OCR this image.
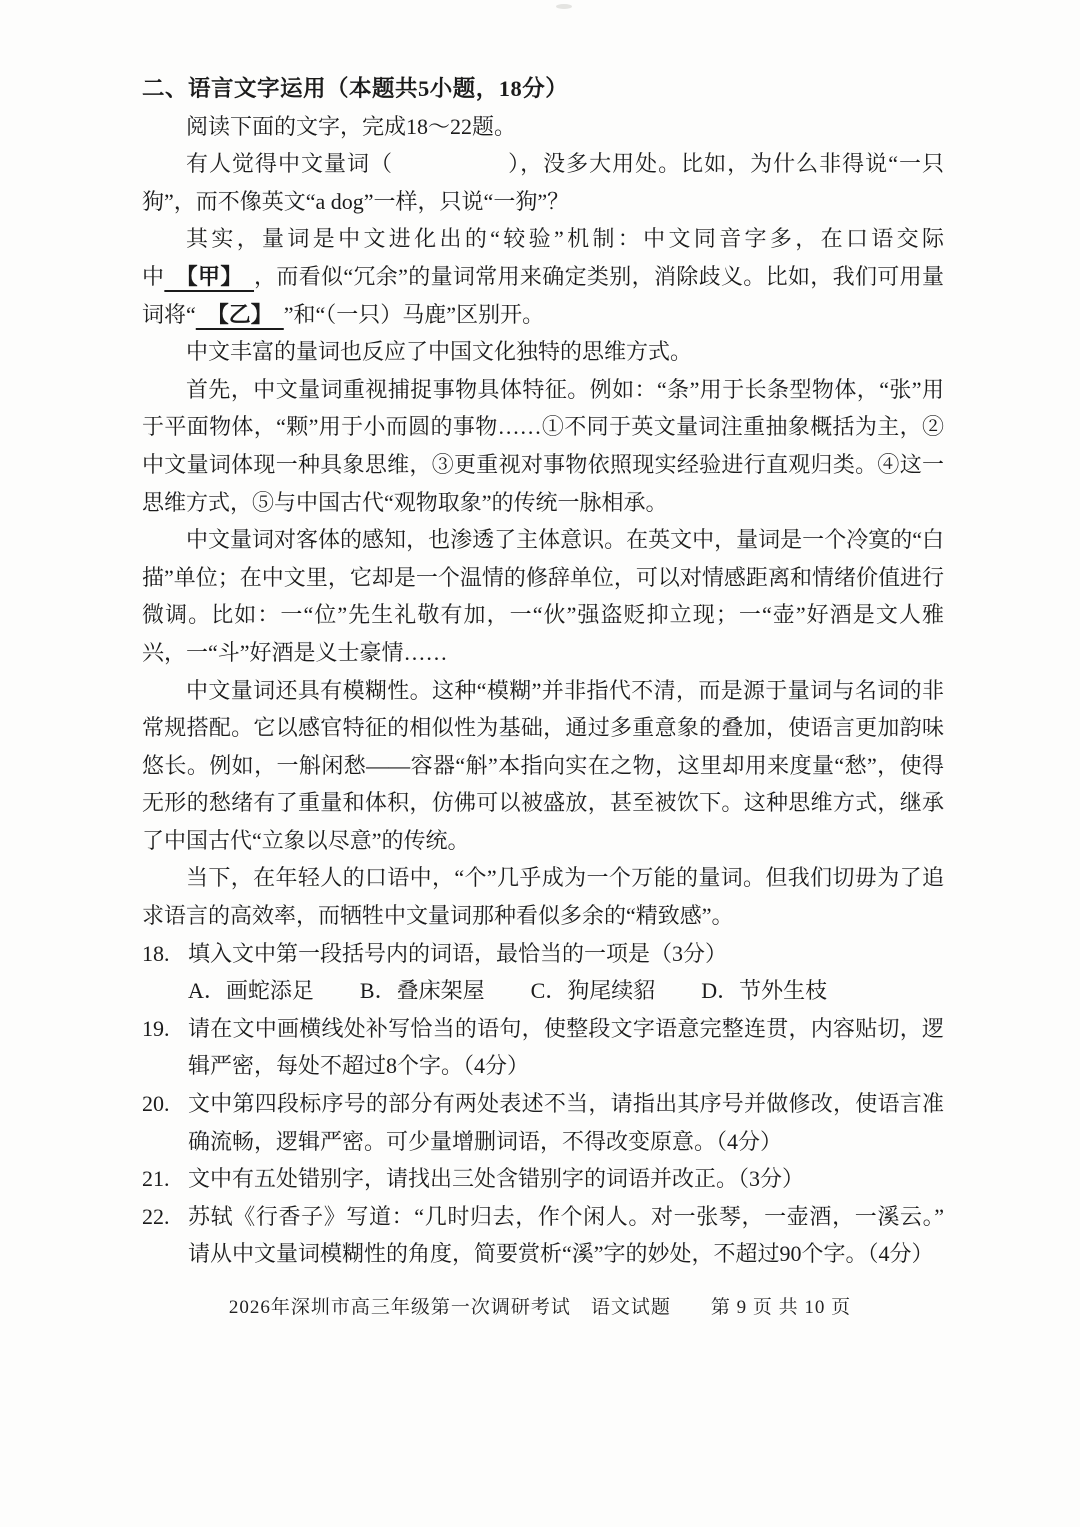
二、语言文字运用（本题共5小题，18分）

阅读下面的文字，完成18～22题。

有人觉得中文量词（　　　　　	），没多大用处。比如，为什么非得说“一只狗”，而不像英文“a dog”一样，只说“一狗”？

其实，量词是中文进化出的“较验”机制：中文同音字多，在口语交际中　【甲】　，而看似“冗余”的量词常用来确定类别，消除歧义。比如，我们可用量词将“　【乙】　”和“（一只）马鹿”区别开。

中文丰富的量词也反应了中国文化独特的思维方式。

首先，中文量词重视捕捉事物具体特征。例如：“条”用于长条型物体，“张”用于平面物体，“颗”用于小而圆的事物……①不同于英文量词注重抽象概括为主，②中文量词体现一种具象思维，③更重视对事物依照现实经验进行直观归类。④这一思维方式，⑤与中国古代“观物取象”的传统一脉相承。

中文量词对客体的感知，也渗透了主体意识。在英文中，量词是一个冷寞的“白描”单位；在中文里，它却是一个温情的修辞单位，可以对情感距离和情绪价值进行微调。比如：一“位”先生礼敬有加，一“伙”强盗贬抑立现；一“壶”好酒是文人雅兴，一“斗”好酒是义士豪情……

中文量词还具有模糊性。这种“模糊”并非指代不清，而是源于量词与名词的非常规搭配。它以感官特征的相似性为基础，通过多重意象的叠加，使语言更加韵味悠长。例如，一斛闲愁——容器“斛”本指向实在之物，这里却用来度量“愁”，使得无形的愁绪有了重量和体积，仿佛可以被盛放，甚至被饮下。这种思维方式，继承了中国古代“立象以尽意”的传统。

当下，在年轻人的口语中，“个”几乎成为一个万能的量词。但我们切毋为了追求语言的高效率，而牺牲中文量词那种看似多余的“精致感”。

18. 填入文中第一段括号内的词语，最恰当的一项是（3分）
A．画蛇添足 B．叠床架屋 C．狗尾续貂 D．节外生枝
19. 请在文中画横线处补写恰当的语句，使整段文字语意完整连贯，内容贴切，逻辑严密，每处不超过8个字。（4分）
20. 文中第四段标序号的部分有两处表述不当，请指出其序号并做修改，使语言准确流畅，逻辑严密。可少量增删词语，不得改变原意。（4分）
21. 文中有五处错别字，请找出三处含错别字的词语并改正。（3分）
22. 苏轼《行香子》写道：“几时归去，作个闲人。对一张琴，一壶酒，一溪云。”请从中文量词模糊性的角度，简要赏析“溪”字的妙处，不超过90个字。（4分）
2026年深圳市高三年级第一次调研考试　语文试题　　第 9 页 共 10 页
